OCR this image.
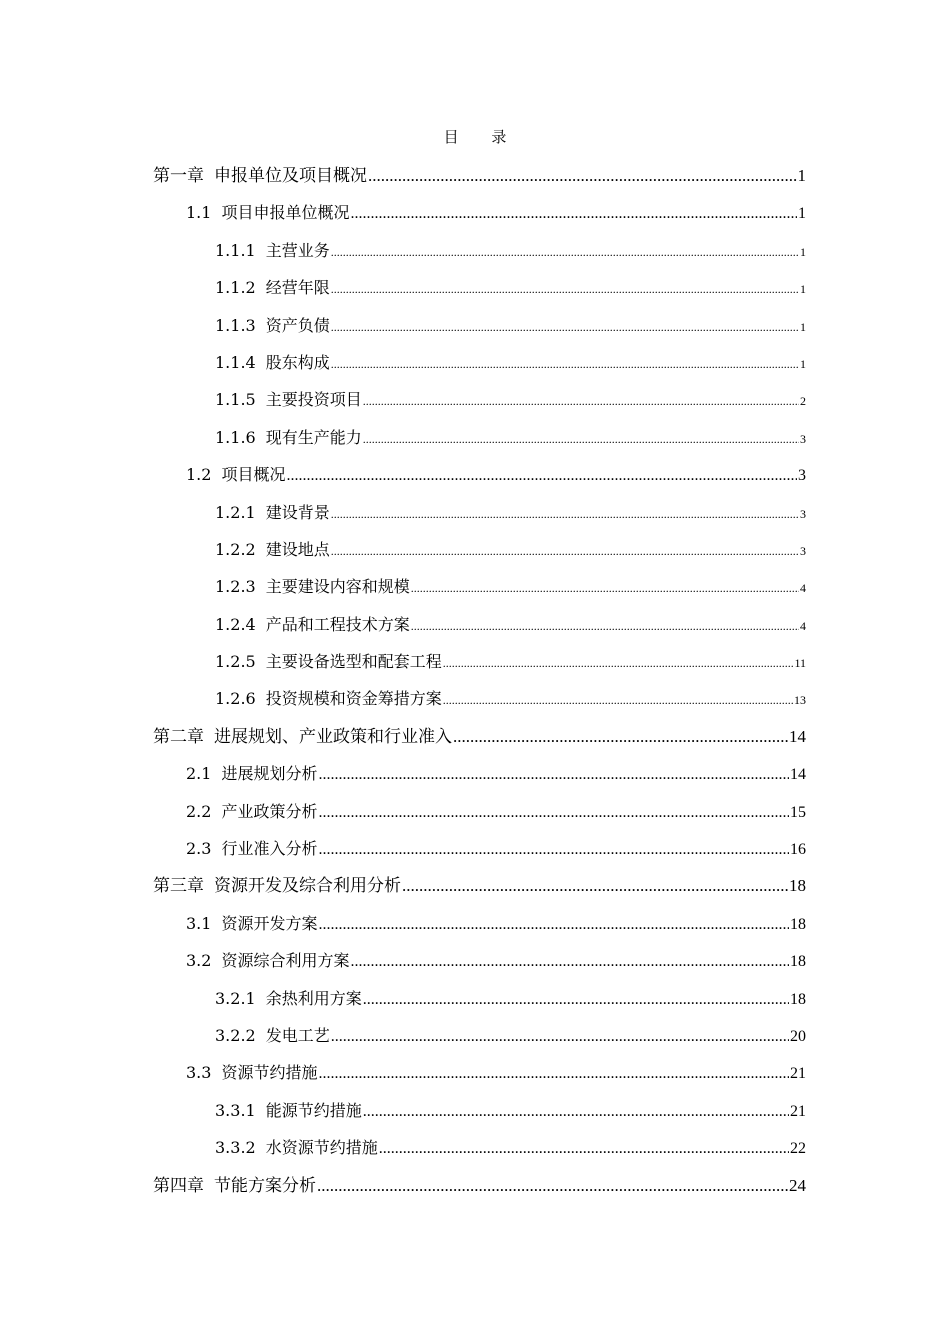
目 录
第一章 申报单位及项目概况 .....	1
1.1 项目申报单位概况 .....	1
1.1.1 主营业务 .....	1
1.1.2 经营年限 .....	1
1.1.3 资产负债 .....	1
1.1.4 股东构成 .....	1
1.1.5 主要投资项目 .....	2
1.1.6 现有生产能力 .....	3
1.2 项目概况 .....	3
1.2.1 建设背景 .....	3
1.2.2 建设地点 .....	3
1.2.3 主要建设内容和规模 .....	4
1.2.4 产品和工程技术方案 .....	4
1.2.5 主要设备选型和配套工程 .....	11
1.2.6 投资规模和资金筹措方案 .....	13
第二章 进展规划、产业政策和行业准入 .....	14
2.1 进展规划分析 .....	14
2.2 产业政策分析 .....	15
2.3 行业准入分析 .....	16
第三章 资源开发及综合利用分析 .....	18
3.1 资源开发方案 .....	18
3.2 资源综合利用方案 .....	18
3.2.1 余热利用方案 .....	18
3.2.2 发电工艺 .....	20
3.3 资源节约措施 .....	21
3.3.1 能源节约措施 .....	21
3.3.2 水资源节约措施 .....	22
第四章 节能方案分析 .....	24
